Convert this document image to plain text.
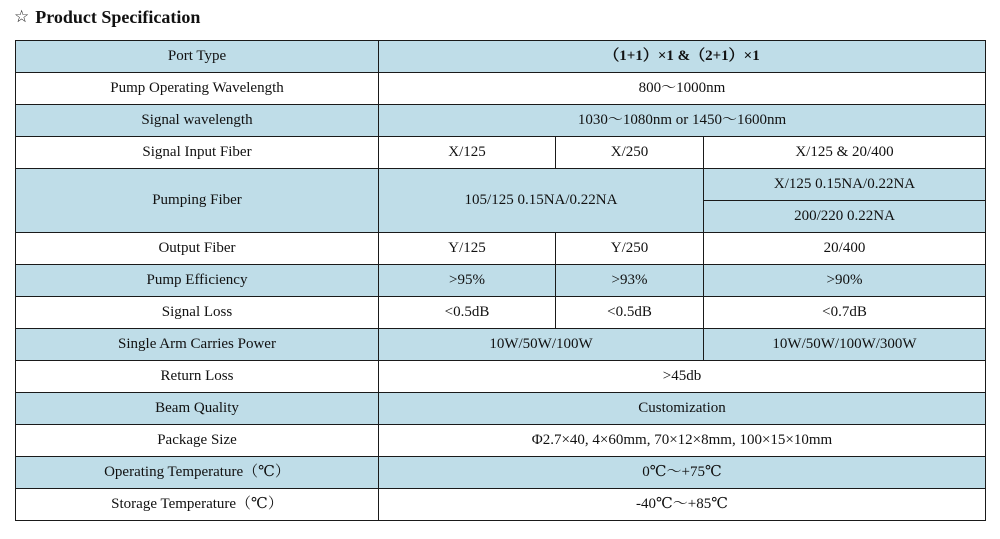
☆ Product Specification
Port Type	（1+1）×1 &（2+1）×1		
Pump Operating Wavelength	800～1000nm		
Signal wavelength	1030～1080nm or 1450～1600nm		
Signal Input Fiber	X/125	X/250	X/125 & 20/400
Pumping Fiber	105/125 0.15NA/0.22NA		X/125 0.15NA/0.22NA
			200/220 0.22NA
Output Fiber	Y/125	Y/250	20/400
Pump Efficiency	>95%	>93%	>90%
Signal Loss	<0.5dB	<0.5dB	<0.7dB
Single Arm Carries Power	10W/50W/100W		10W/50W/100W/300W
Return Loss	>45db		
Beam Quality	Customization		
Package Size	Φ2.7×40, 4×60mm, 70×12×8mm, 100×15×10mm		
Operating Temperature（℃）	0℃～+75℃		
Storage Temperature（℃）	-40℃～+85℃		
